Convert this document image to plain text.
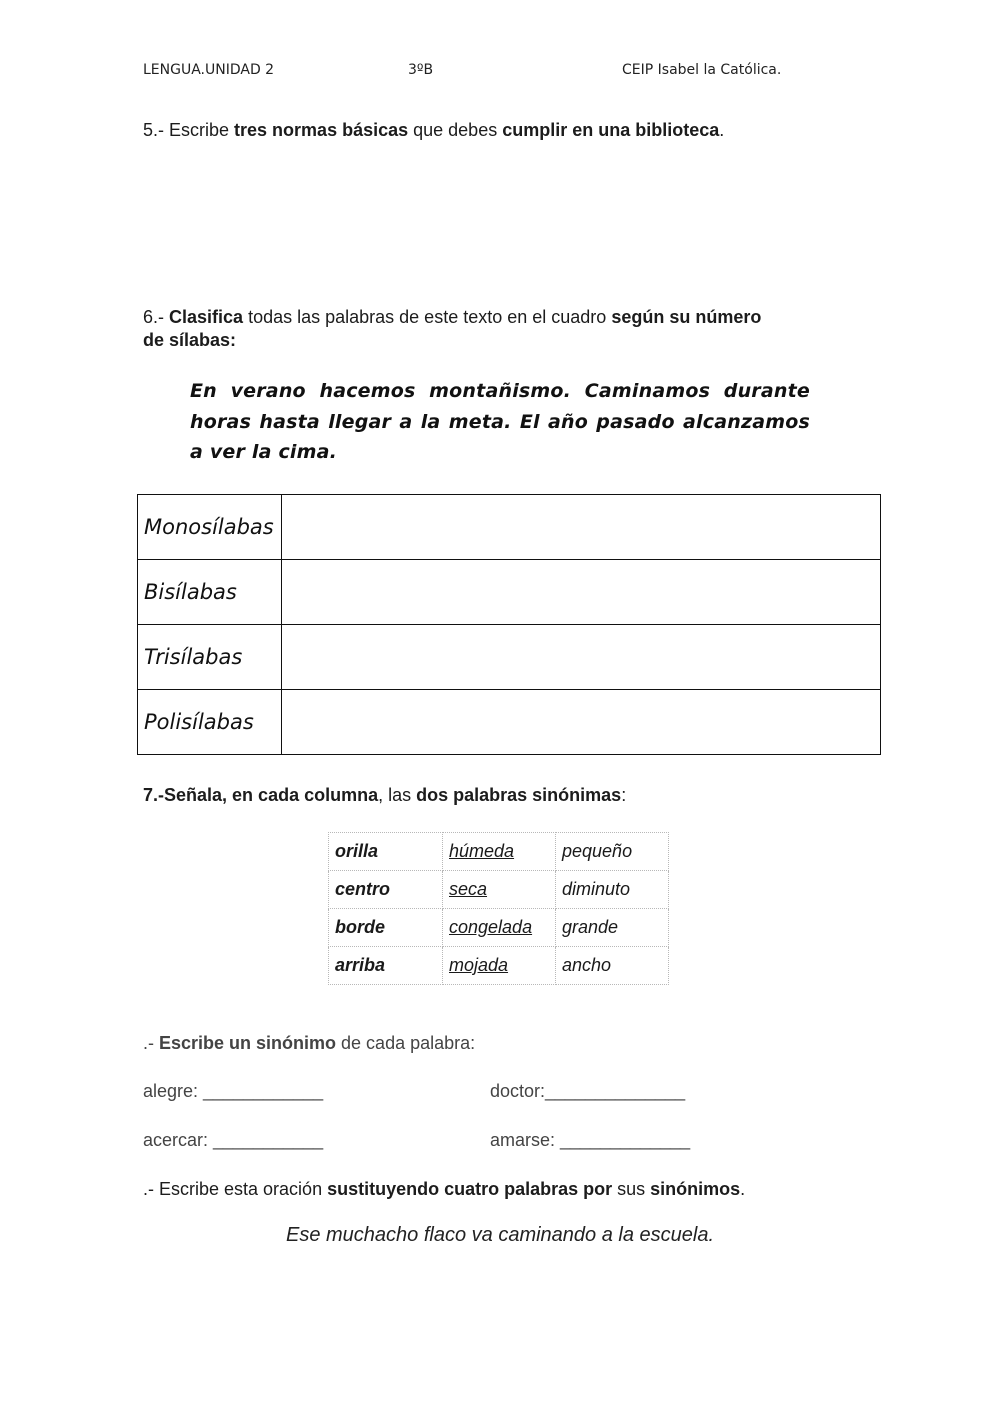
LENGUA.UNIDAD 2	3ºB	CEIP Isabel la Católica.
5.- Escribe tres normas básicas que debes cumplir en una biblioteca.
6.- Clasifica todas las palabras de este texto en el cuadro según su número
de sílabas:
En verano hacemos montañismo. Caminamos durante horas hasta llegar a la meta. El año pasado alcanzamos a ver la cima.
Monosílabas	
Bisílabas	
Trisílabas	
Polisílabas	
7.-Señala, en cada columna, las dos palabras sinónimas:
orilla	húmeda	pequeño
centro	seca	diminuto
borde	congelada	grande
arriba	mojada	ancho
.- Escribe un sinónimo de cada palabra:
alegre: ____________	doctor:______________
acercar: ___________	amarse: _____________
.- Escribe esta oración sustituyendo cuatro palabras por sus sinónimos.
Ese muchacho flaco va caminando a la escuela.
